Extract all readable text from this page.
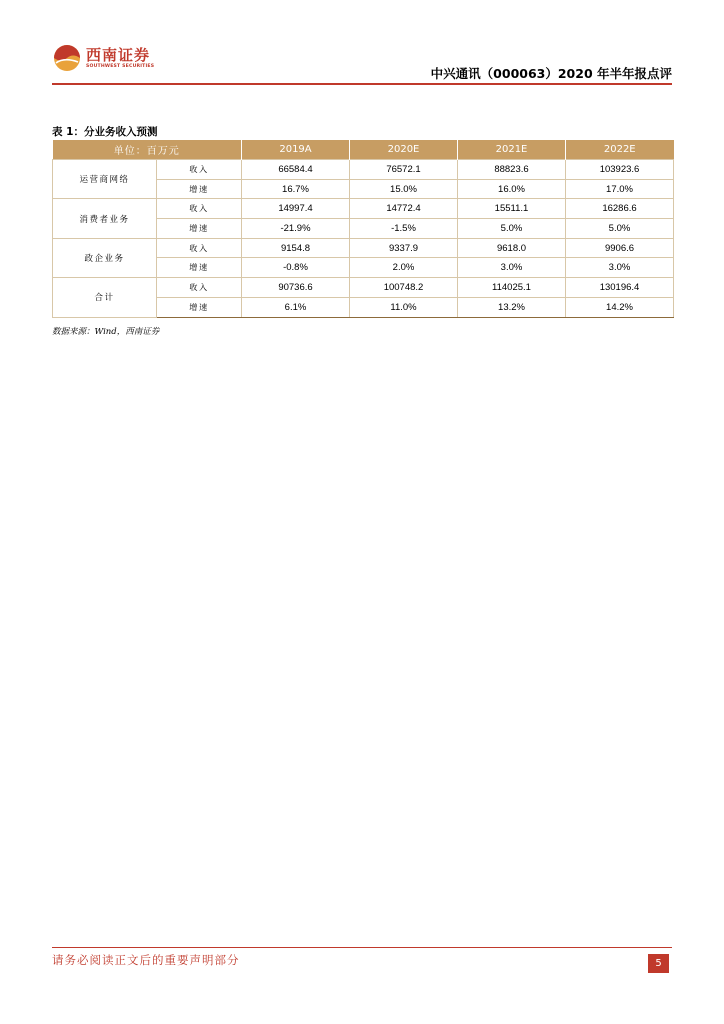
西南证券
SOUTHWEST SECURITIES	中兴通讯（000063）2020 年半年报点评
表 1：分业务收入预测
单位：百万元		2019A	2020E	2021E	2022E
运营商网络	收入	66584.4	76572.1	88823.6	103923.6
	增速	16.7%	15.0%	16.0%	17.0%
消费者业务	收入	14997.4	14772.4	15511.1	16286.6
	增速	-21.9%	-1.5%	5.0%	5.0%
政企业务	收入	9154.8	9337.9	9618.0	9906.6
	增速	-0.8%	2.0%	3.0%	3.0%
合计	收入	90736.6	100748.2	114025.1	130196.4
	增速	6.1%	11.0%	13.2%	14.2%
数据来源：Wind，西南证券
请务必阅读正文后的重要声明部分	5
